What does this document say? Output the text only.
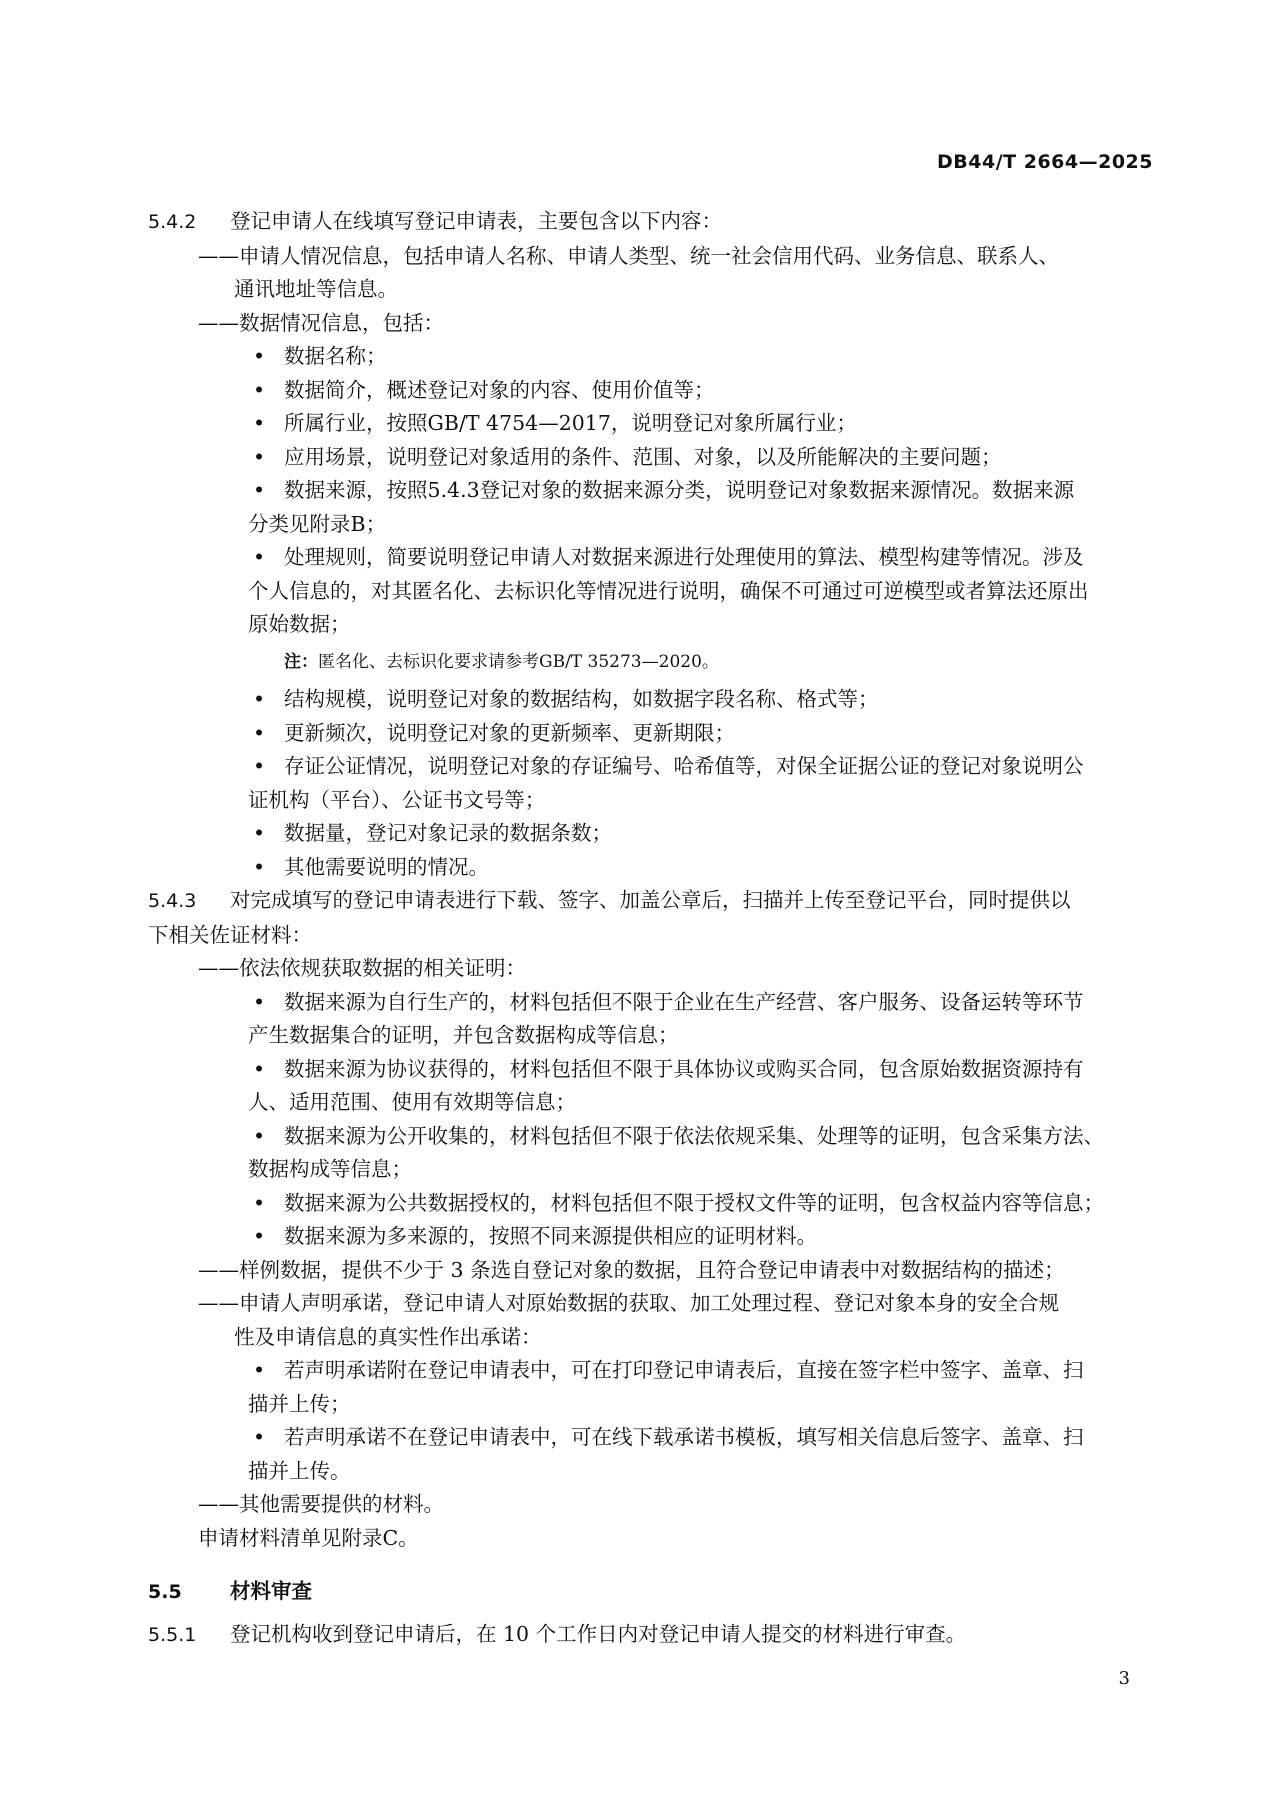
DB44/T 2664—2025

5.4.2 登记申请人在线填写登记申请表，主要包含以下内容：

——申请人情况信息，包括申请人名称、申请人类型、统一社会信用代码、业务信息、联系人、

通讯地址等信息。

——数据情况信息，包括：

• 数据名称；

• 数据简介，概述登记对象的内容、使用价值等；

• 所属行业，按照GB/T 4754—2017，说明登记对象所属行业；

• 应用场景，说明登记对象适用的条件、范围、对象，以及所能解决的主要问题；

• 数据来源，按照5.4.3登记对象的数据来源分类，说明登记对象数据来源情况。数据来源

分类见附录B；

• 处理规则，简要说明登记申请人对数据来源进行处理使用的算法、模型构建等情况。涉及

个人信息的，对其匿名化、去标识化等情况进行说明，确保不可通过可逆模型或者算法还原出

原始数据；

注：匿名化、去标识化要求请参考GB/T 35273—2020。

• 结构规模，说明登记对象的数据结构，如数据字段名称、格式等；

• 更新频次，说明登记对象的更新频率、更新期限；

• 存证公证情况，说明登记对象的存证编号、哈希值等，对保全证据公证的登记对象说明公

证机构（平台）、公证书文号等；

• 数据量，登记对象记录的数据条数；

• 其他需要说明的情况。

5.4.3 对完成填写的登记申请表进行下载、签字、加盖公章后，扫描并上传至登记平台，同时提供以

下相关佐证材料：

——依法依规获取数据的相关证明：

• 数据来源为自行生产的，材料包括但不限于企业在生产经营、客户服务、设备运转等环节

产生数据集合的证明，并包含数据构成等信息；

• 数据来源为协议获得的，材料包括但不限于具体协议或购买合同，包含原始数据资源持有

人、适用范围、使用有效期等信息；

• 数据来源为公开收集的，材料包括但不限于依法依规采集、处理等的证明，包含采集方法、

数据构成等信息；

• 数据来源为公共数据授权的，材料包括但不限于授权文件等的证明，包含权益内容等信息；

• 数据来源为多来源的，按照不同来源提供相应的证明材料。

——样例数据，提供不少于 3 条选自登记对象的数据，且符合登记申请表中对数据结构的描述；

——申请人声明承诺，登记申请人对原始数据的获取、加工处理过程、登记对象本身的安全合规

性及申请信息的真实性作出承诺：

• 若声明承诺附在登记申请表中，可在打印登记申请表后，直接在签字栏中签字、盖章、扫

描并上传；

• 若声明承诺不在登记申请表中，可在线下载承诺书模板，填写相关信息后签字、盖章、扫

描并上传。

——其他需要提供的材料。

申请材料清单见附录C。

5.5 材料审查

5.5.1 登记机构收到登记申请后，在 10 个工作日内对登记申请人提交的材料进行审查。

3
